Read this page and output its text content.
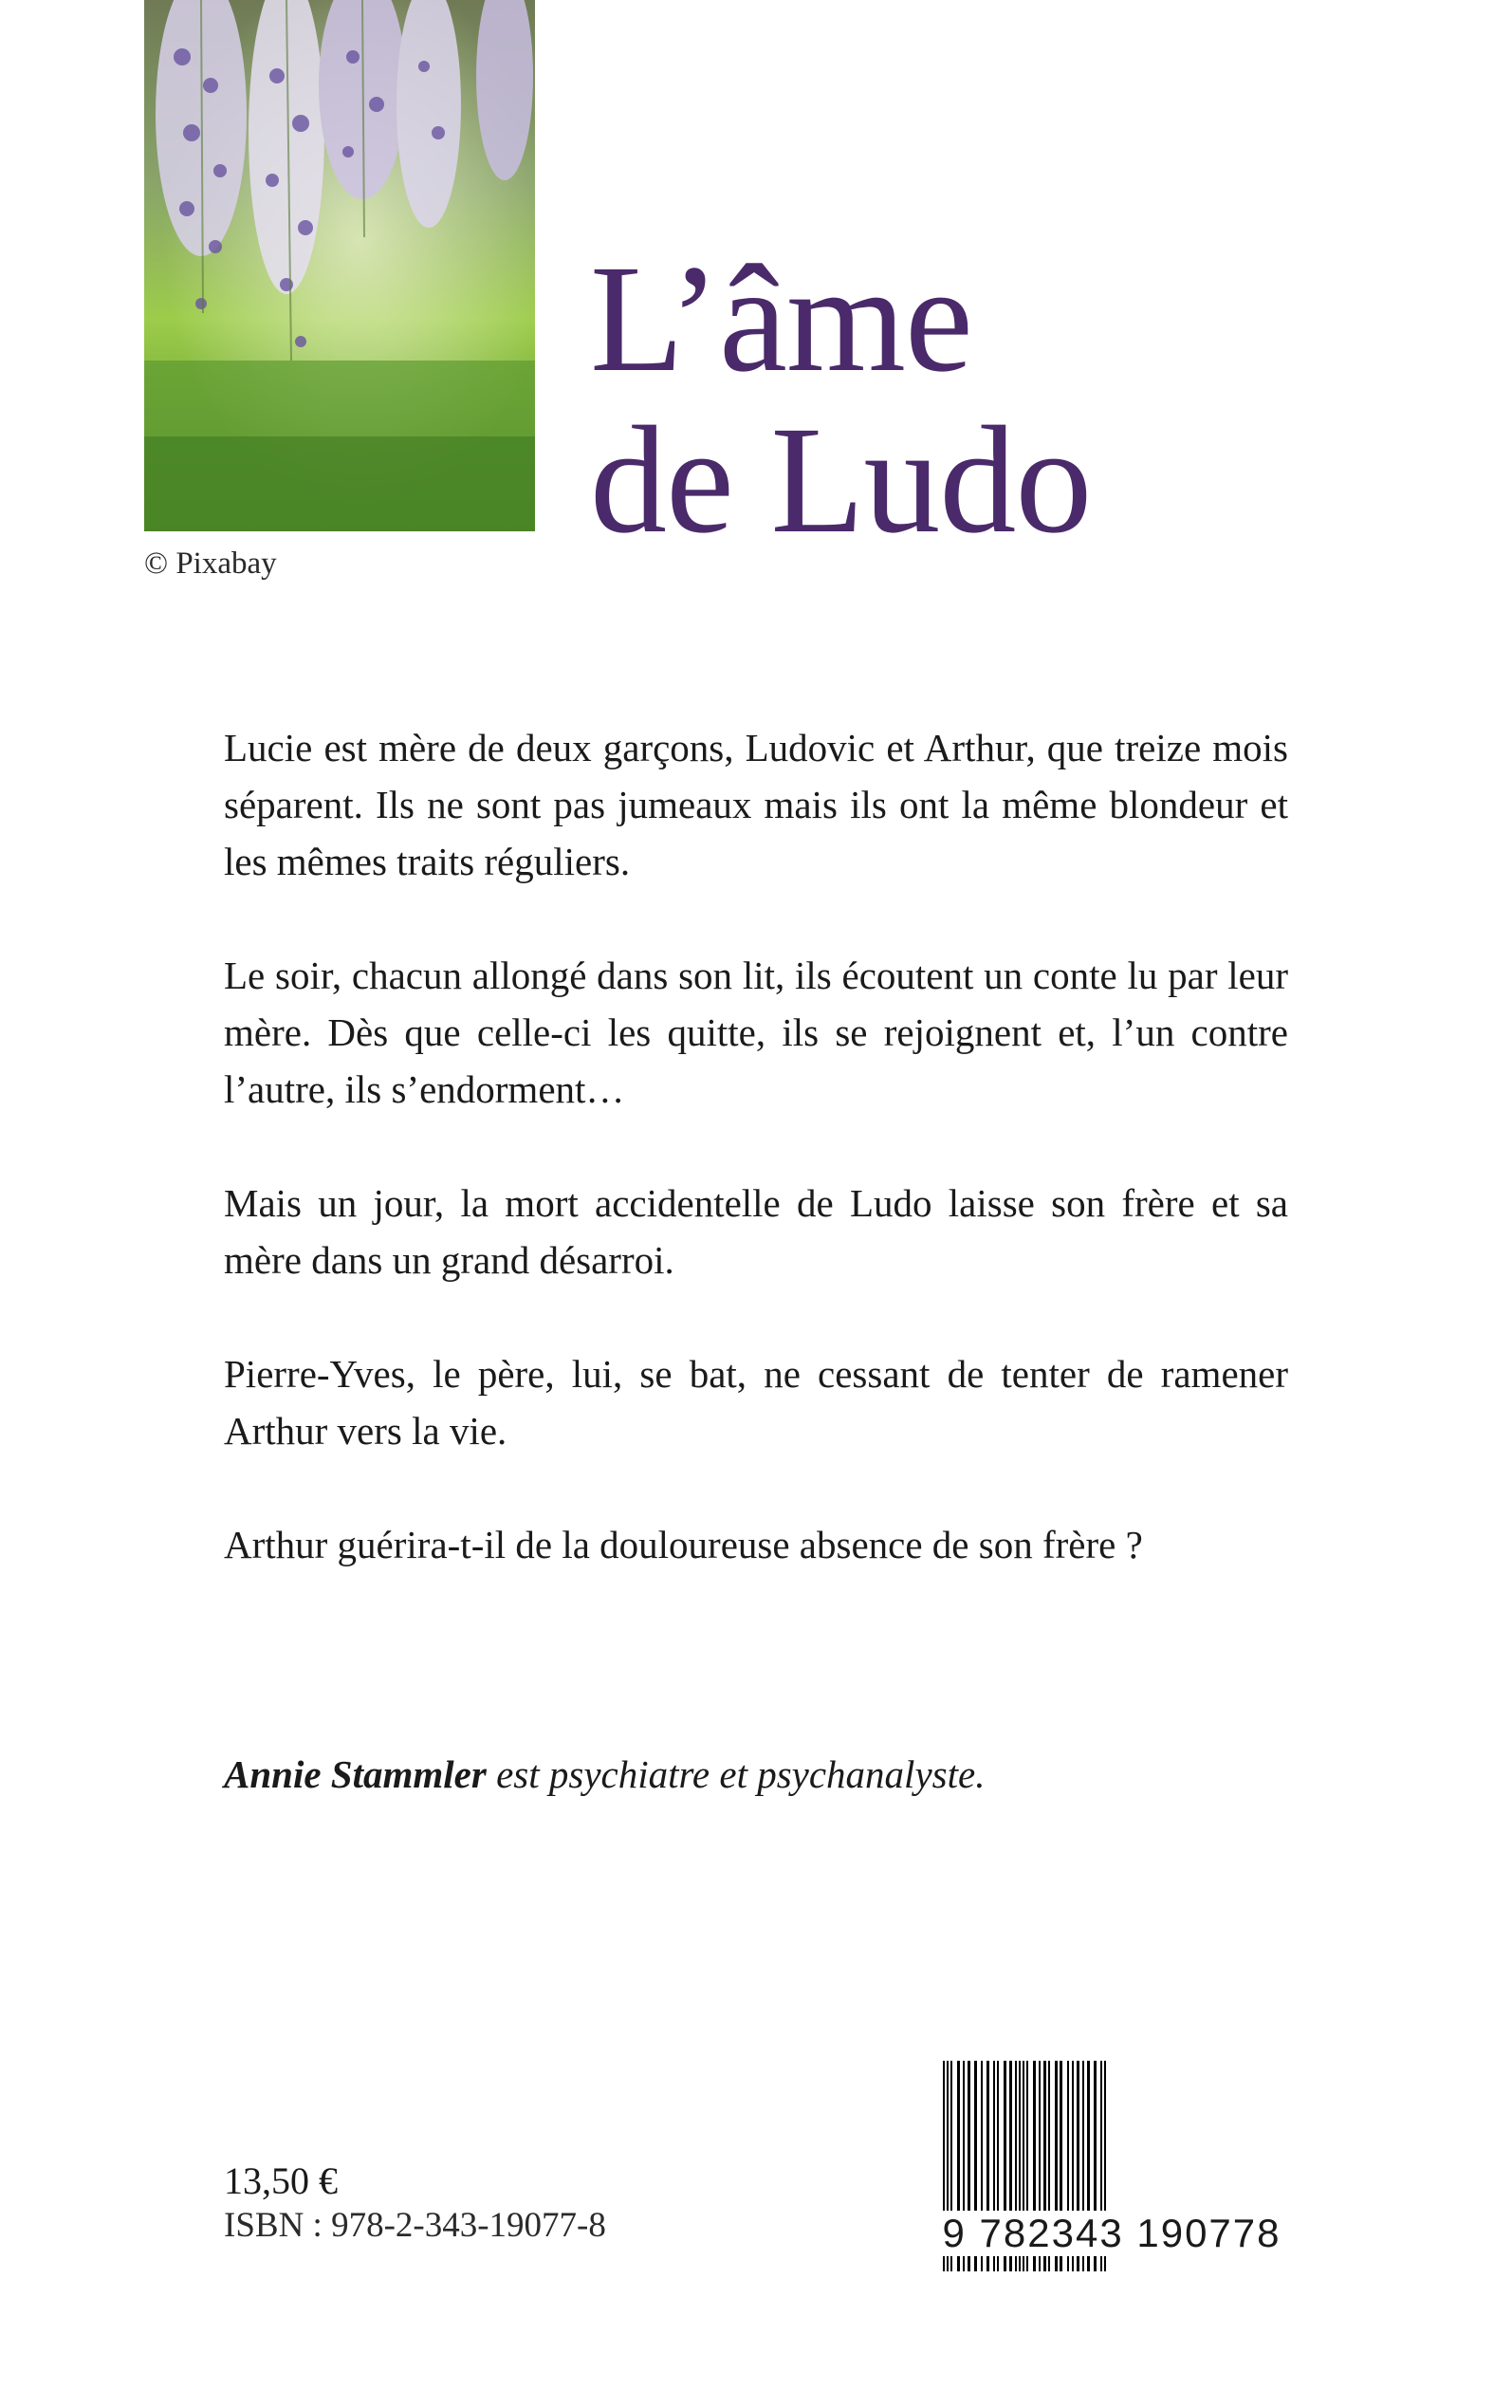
© Pixabay
L’âme
de Ludo

Lucie est mère de deux garçons, Ludovic et Arthur, que treize mois séparent. Ils ne sont pas jumeaux mais ils ont la même blondeur et les mêmes traits réguliers.

Le soir, chacun allongé dans son lit, ils écoutent un conte lu par leur mère. Dès que celle-ci les quitte, ils se rejoignent et, l’un contre l’autre, ils s’endorment…

Mais un jour, la mort accidentelle de Ludo laisse son frère et sa mère dans un grand désarroi.

Pierre-Yves, le père, lui, se bat, ne cessant de tenter de ramener Arthur vers la vie.

Arthur guérira-t-il de la douloureuse absence de son frère ?

Annie Stammler est psychiatre et psychanalyste.
13,50 €
ISBN : 978-2-343-19077-8	9 782343 190778
